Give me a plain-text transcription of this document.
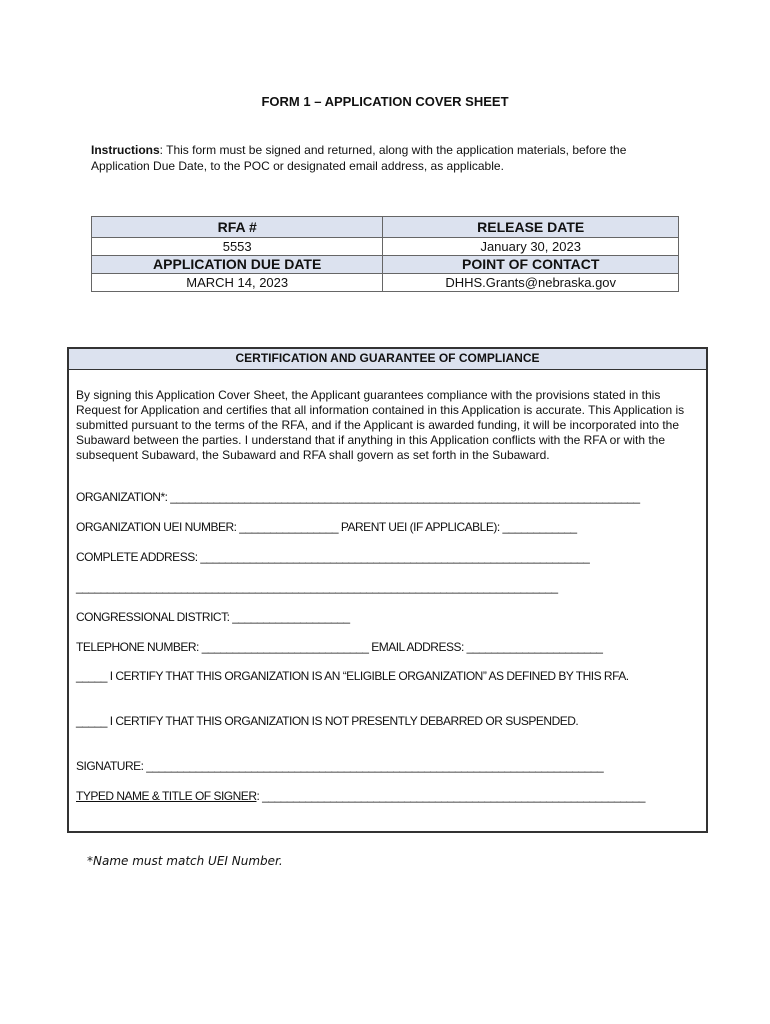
FORM 1 – APPLICATION COVER SHEET
Instructions: This form must be signed and returned, along with the application materials, before the Application Due Date, to the POC or designated email address, as applicable.
RFA #	RELEASE DATE
5553	January 30, 2023
APPLICATION DUE DATE	POINT OF CONTACT
MARCH 14, 2023	DHHS.Grants@nebraska.gov
CERTIFICATION AND GUARANTEE OF COMPLIANCE
By signing this Application Cover Sheet, the Applicant guarantees compliance with the provisions stated in this Request for Application and certifies that all information contained in this Application is accurate. This Application is submitted pursuant to the terms of the RFA, and if the Applicant is awarded funding, it will be incorporated into the Subaward between the parties. I understand that if anything in this Application conflicts with the RFA or with the subsequent Subaward, the Subaward and RFA shall govern as set forth in the Subaward.
ORGANIZATION*: ____________________________________________________________________________
ORGANIZATION UEI NUMBER: ________________ PARENT UEI (IF APPLICABLE): ____________
COMPLETE ADDRESS: _______________________________________________________________
______________________________________________________________________________
CONGRESSIONAL DISTRICT: ___________________
TELEPHONE NUMBER: ___________________________ EMAIL ADDRESS: ______________________
_____ I CERTIFY THAT THIS ORGANIZATION IS AN “ELIGIBLE ORGANIZATION” AS DEFINED BY THIS RFA.
_____ I CERTIFY THAT THIS ORGANIZATION IS NOT PRESENTLY DEBARRED OR SUSPENDED.
SIGNATURE: __________________________________________________________________________
TYPED NAME & TITLE OF SIGNER: ______________________________________________________________
*Name must match UEI Number.
